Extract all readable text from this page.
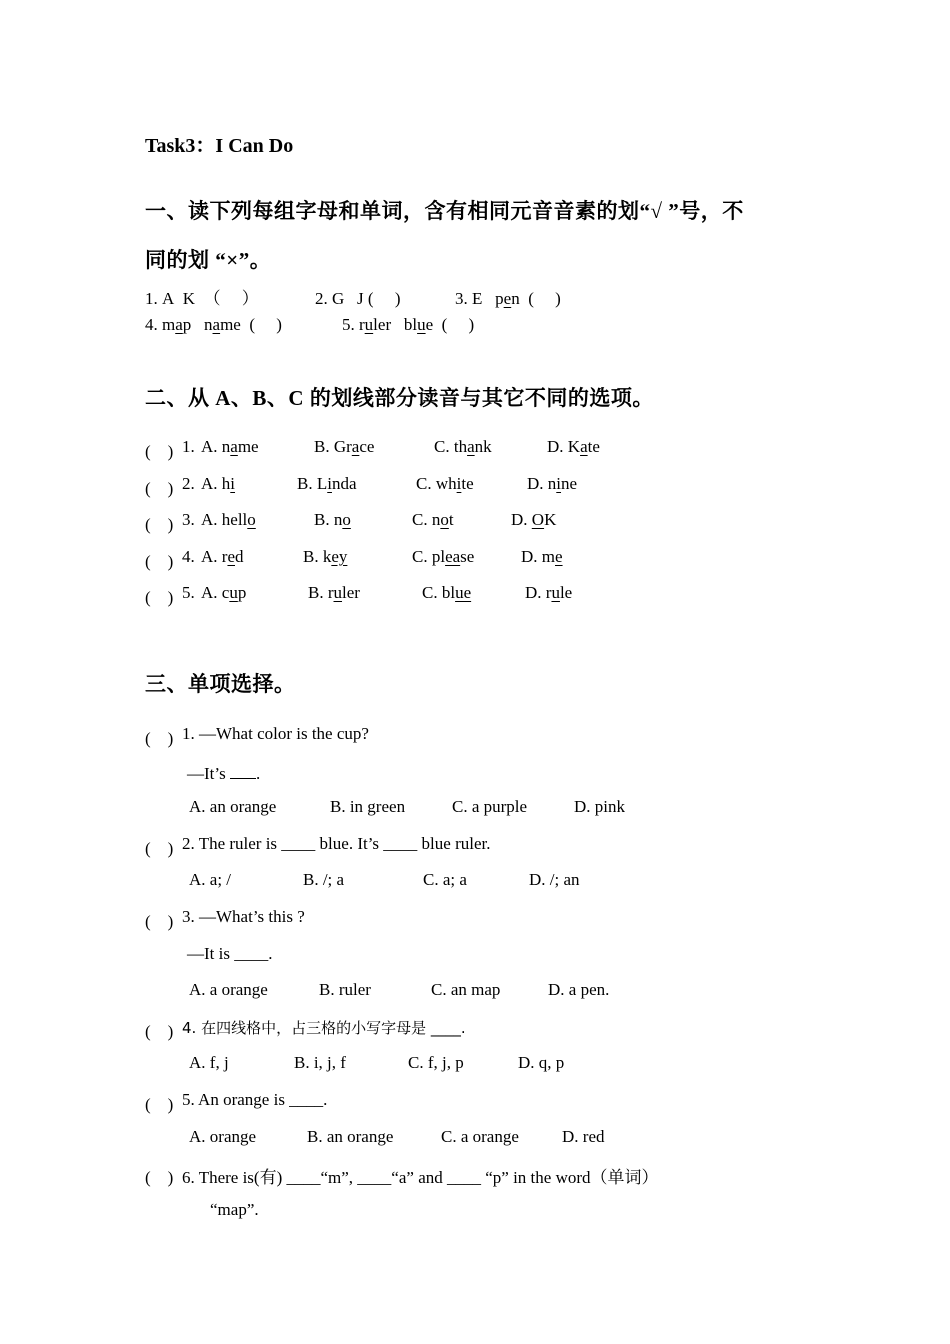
Task3：I Can Do
一、读下列每组字母和单词，含有相同元音音素的划“√ ”号，不
同的划 “×”。
1. A K （　 ）	2. G J (　 )	3. E pen (　 )
4. map name (　 )	5. ruler blue (　 )
二、从 A、B、C 的划线部分读音与其它不同的选项。
(　) 1. A. name	B. Grace	C. thank	D. Kate
(　) 2. A. hi	B. Linda	C. white	D. nine
(　) 3. A. hello	B. no	C. not	D. OK
(　) 4. A. red	B. key	C. please	D. me
(　) 5. A. cup	B. ruler	C. blue	D. rule
三、单项选择。
(　) 1. —What color is the cup?
—It’s .
A. an orange	B. in green	C. a purple	D. pink
(　) 2. The ruler is ____ blue. It’s ____ blue ruler.
A. a; /	B. /; a	C. a; a	D. /; an
(　) 3. —What’s this ?
—It is ____.
A. a orange	B. ruler	C. an map	D. a pen.
(　) 4. 在四线格中，占三格的小写字母是 ____.
A. f, j	B. i, j, f	C. f, j, p	D. q, p
(　) 5. An orange is ____.
A. orange	B. an orange	C. a orange	D. red
(　) 6. There is(有) ____“m”, ____“a” and ____ “p” in the word（单词）
“map”.
